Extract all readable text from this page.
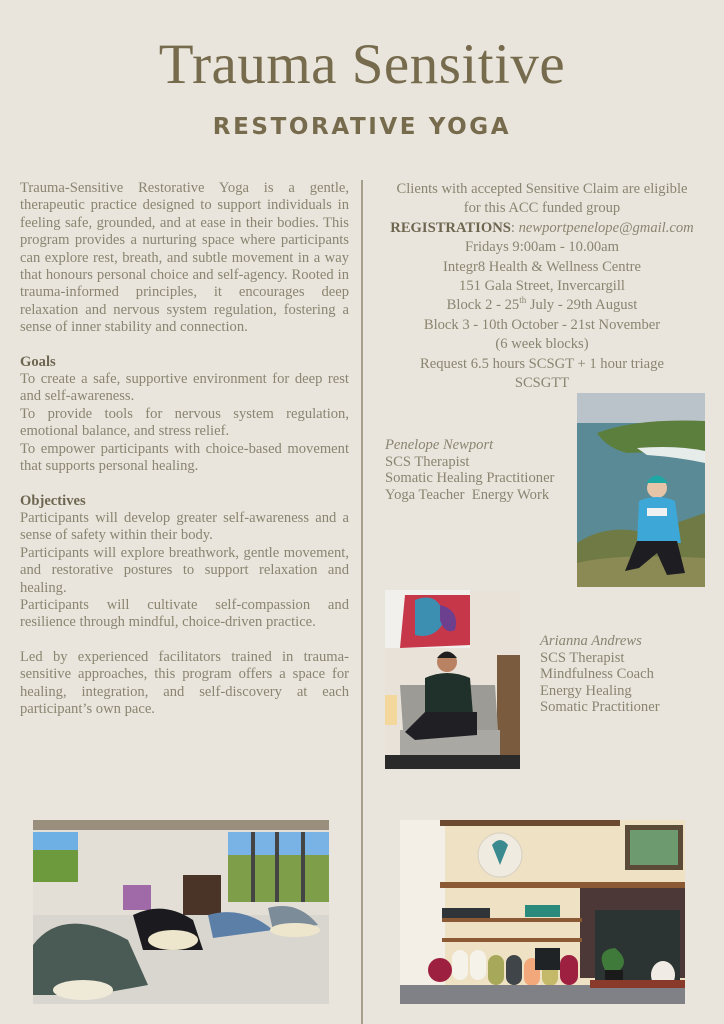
Trauma Sensitive
RESTORATIVE YOGA

Trauma-Sensitive Restorative Yoga is a gentle, therapeutic practice designed to support individuals in feeling safe, grounded, and at ease in their bodies. This program provides a nurturing space where participants can explore rest, breath, and subtle movement in a way that honours personal choice and self-agency. Rooted in trauma-informed principles, it encourages deep relaxation and nervous system regulation, fostering a sense of inner stability and connection.

Goals

To create a safe, supportive environment for deep rest and self-awareness.

To provide tools for nervous system regulation, emotional balance, and stress relief.

To empower participants with choice-based movement that supports personal healing.

Objectives

Participants will develop greater self-awareness and a sense of safety within their body.

Participants will explore breathwork, gentle movement, and restorative postures to support relaxation and healing.

Participants will cultivate self-compassion and resilience through mindful, choice-driven practice.

Led by experienced facilitators trained in trauma-sensitive approaches, this program offers a space for healing, integration, and self-discovery at each participant’s own pace.

Clients with accepted Sensitive Claim are eligible
for this ACC funded group
REGISTRATIONS: newportpenelope@gmail.com
Fridays 9:00am - 10.00am
Integr8 Health & Wellness Centre
151 Gala Street, Invercargill
Block 2 - 25th July - 29th August
Block 3 - 10th October - 21st November
(6 week blocks)
Request 6.5 hours SCSGT + 1 hour triage
SCSGTT
Penelope Newport
SCS Therapist
Somatic Healing Practitioner
Yoga Teacher  Energy Work
Arianna Andrews
SCS Therapist
Mindfulness Coach
Energy Healing
Somatic Practitioner
